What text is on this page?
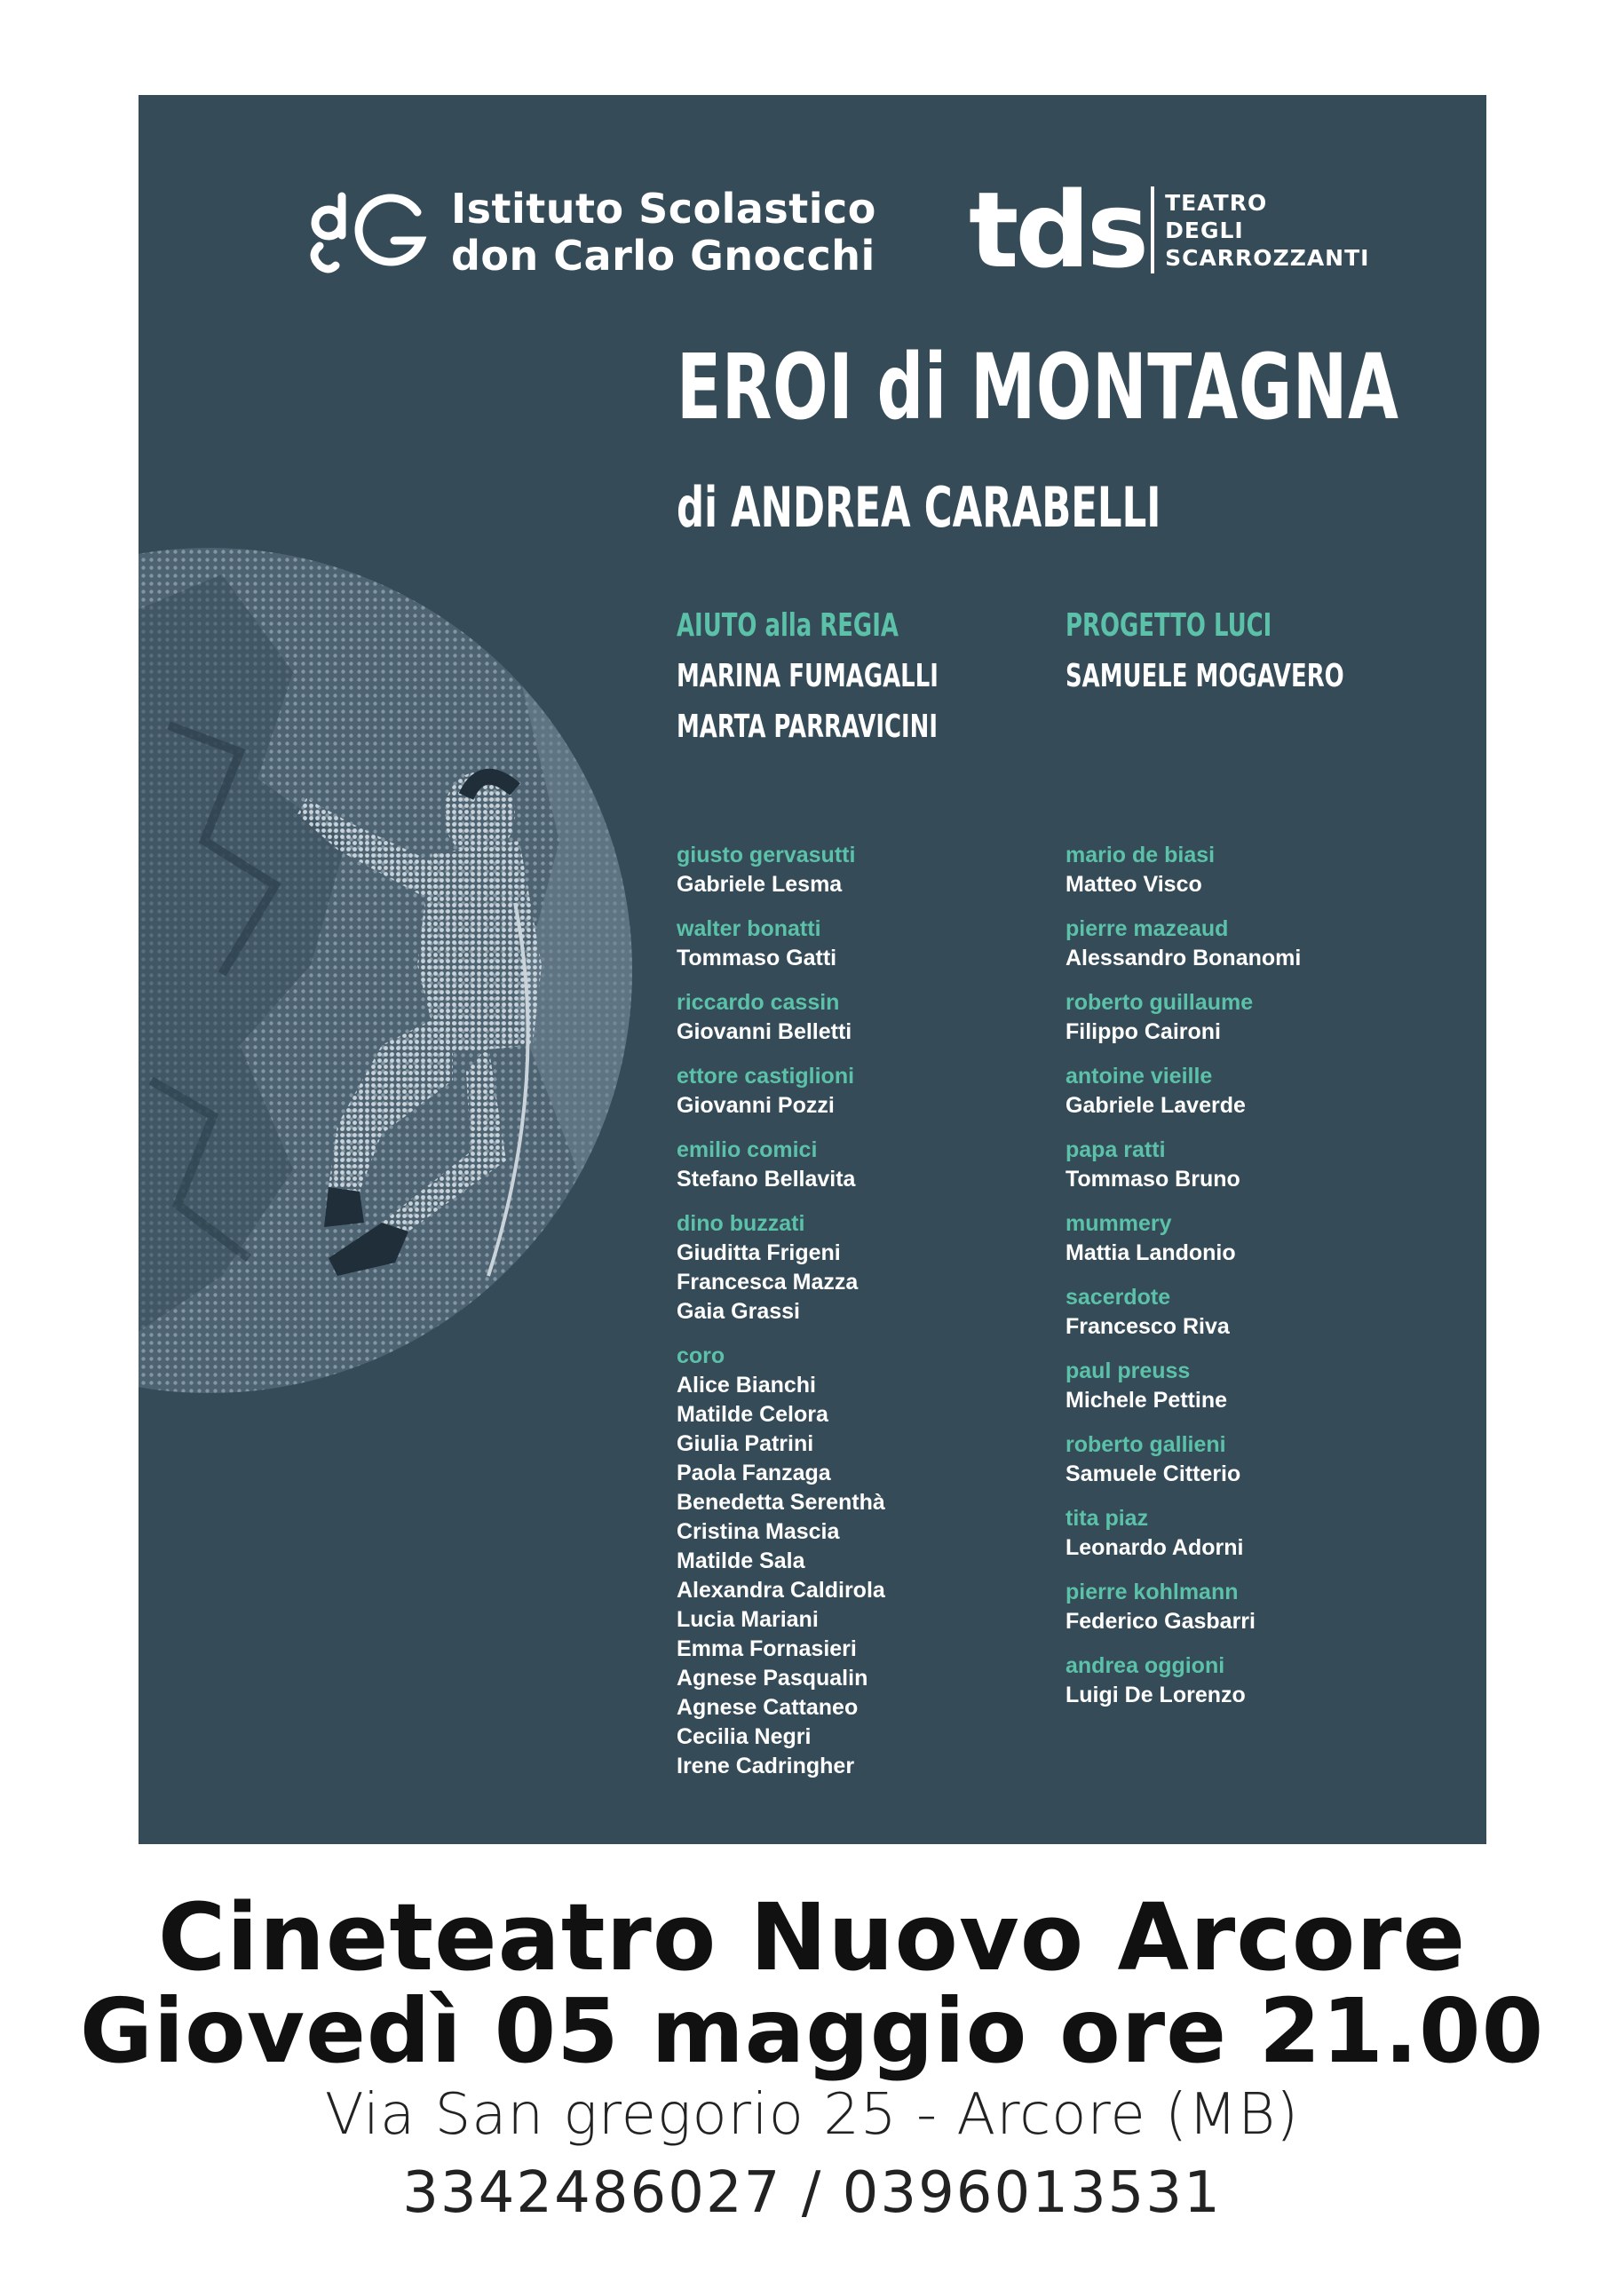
Istituto Scolastico
don Carlo Gnocchi tds TEATRO
DEGLI
SCARROZZANTI
EROI di MONTAGNA
di ANDREA CARABELLI
AIUTO alla REGIA
MARINA FUMAGALLI
MARTA PARRAVICINI
PROGETTO LUCI
SAMUELE MOGAVERO
giusto gervasutti
Gabriele Lesma
walter bonatti
Tommaso Gatti
riccardo cassin
Giovanni Belletti
ettore castiglioni
Giovanni Pozzi
emilio comici
Stefano Bellavita
dino buzzati
Giuditta Frigeni
Francesca Mazza
Gaia Grassi
coro
Alice Bianchi
Matilde Celora
Giulia Patrini
Paola Fanzaga
Benedetta Serenthà
Cristina Mascia
Matilde Sala
Alexandra Caldirola
Lucia Mariani
Emma Fornasieri
Agnese Pasqualin
Agnese Cattaneo
Cecilia Negri
Irene Cadringher
mario de biasi
Matteo Visco
pierre mazeaud
Alessandro Bonanomi
roberto guillaume
Filippo Caironi
antoine vieille
Gabriele Laverde
papa ratti
Tommaso Bruno
mummery
Mattia Landonio
sacerdote
Francesco Riva
paul preuss
Michele Pettine
roberto gallieni
Samuele Citterio
tita piaz
Leonardo Adorni
pierre kohlmann
Federico Gasbarri
andrea oggioni
Luigi De Lorenzo
Cineteatro Nuovo Arcore
Giovedì 05 maggio ore 21.00
Via San gregorio 25 - Arcore (MB)
3342486027 / 0396013531
